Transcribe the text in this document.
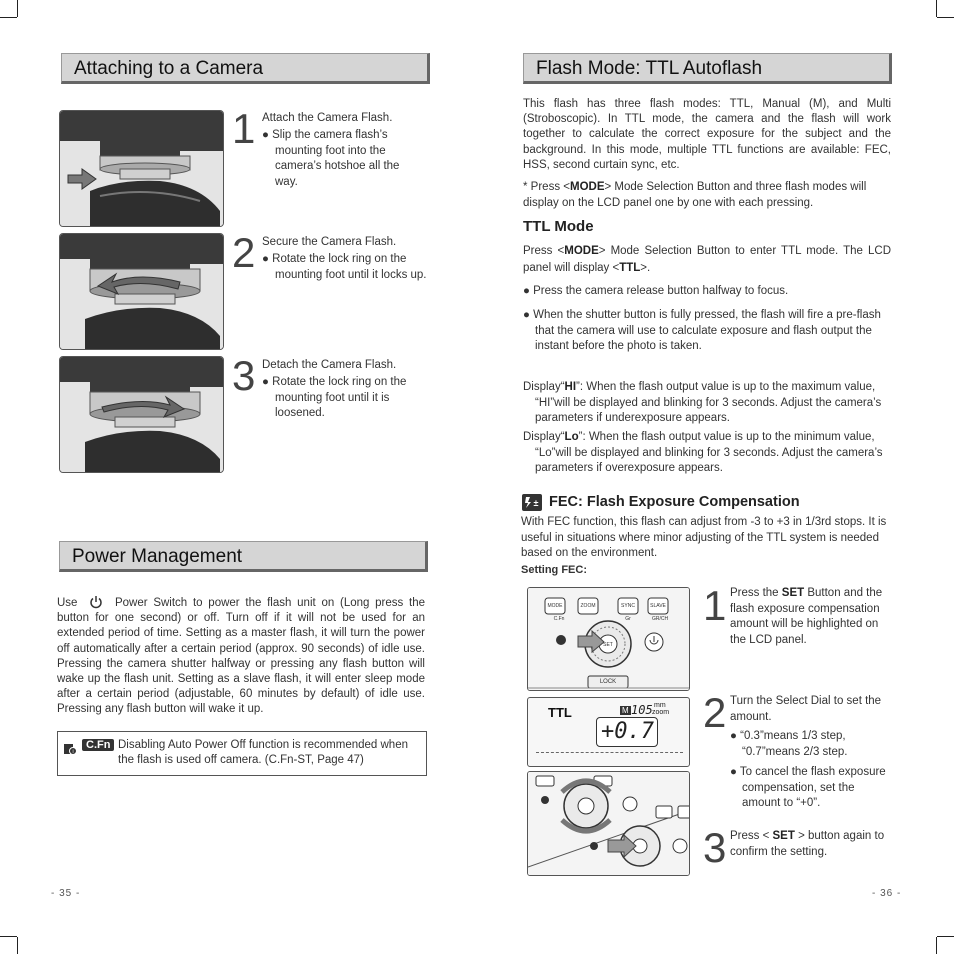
Attaching to a Camera
1 Attach the Camera Flash.
● Slip the camera flash’s mounting foot into the camera’s hotshoe all the way.
2 Secure the Camera Flash.
● Rotate the lock ring on the mounting foot until it locks up.
3 Detach the Camera Flash.
● Rotate the lock ring on the mounting foot until it is loosened.
Power Management
Use	Power Switch to power the flash unit on (Long press the button for one second) or off. Turn off if it will not be used for an extended period of time. Setting as a master flash, it will turn the power off automatically after a certain period (approx. 90 seconds) of idle use. Pressing the camera shutter halfway or pressing any flash button will wake up the flash unit. Setting as a slave flash, it will enter sleep mode after a certain period (adjustable, 60 minutes by default) of idle use. Pressing any flash button will wake it up.
i
C.Fn Disabling Auto Power Off function is recommended when the flash is used off camera. (C.Fn-ST, Page 47)
- 35 -
Flash Mode: TTL Autoflash
This flash has three flash modes: TTL, Manual (M), and Multi (Stroboscopic). In TTL mode, the camera and the flash will work together to calculate the correct exposure for the subject and the background. In this mode, multiple TTL functions are available: FEC, HSS, second curtain sync, etc.
* Press <MODE> Mode Selection Button and three flash modes will display on the LCD panel one by one with each pressing.
TTL Mode
Press <MODE> Mode Selection Button to enter TTL mode. The LCD panel will display <TTL>.
● Press the camera release button halfway to focus.
● When the shutter button is fully pressed, the flash will fire a pre-flash that the camera will use to calculate exposure and flash output the instant before the photo is taken.
Display“HI”: When the flash output value is up to the maximum value, “HI”will be displayed and blinking for 3 seconds. Adjust the camera’s parameters if underexposure appears.
Display“Lo”: When the flash output value is up to the minimum value, “Lo”will be displayed and blinking for 3 seconds. Adjust the camera’s parameters if overexposure appears.
± FEC: Flash Exposure Compensation
With FEC function, this flash can adjust from -3 to +3 in 1/3rd stops. It is useful in situations where minor adjusting of the TTL system is needed based on the environment.
Setting FEC:
MODE	ZOOM	SYNC	SLAVE
C.Fn	Gr	GR/CH
SET
LOCK
TTL	M 105 mm
zoom
+0.7
1 Press the SET Button and the flash exposure compensation amount will be highlighted on the LCD panel.
2 Turn the Select Dial to set the amount.
● “0.3”means 1/3 step, “0.7”means 2/3 step.
● To cancel the flash exposure compensation, set the amount to “+0”.
3 Press < SET > button again to confirm the setting.
- 36 -
